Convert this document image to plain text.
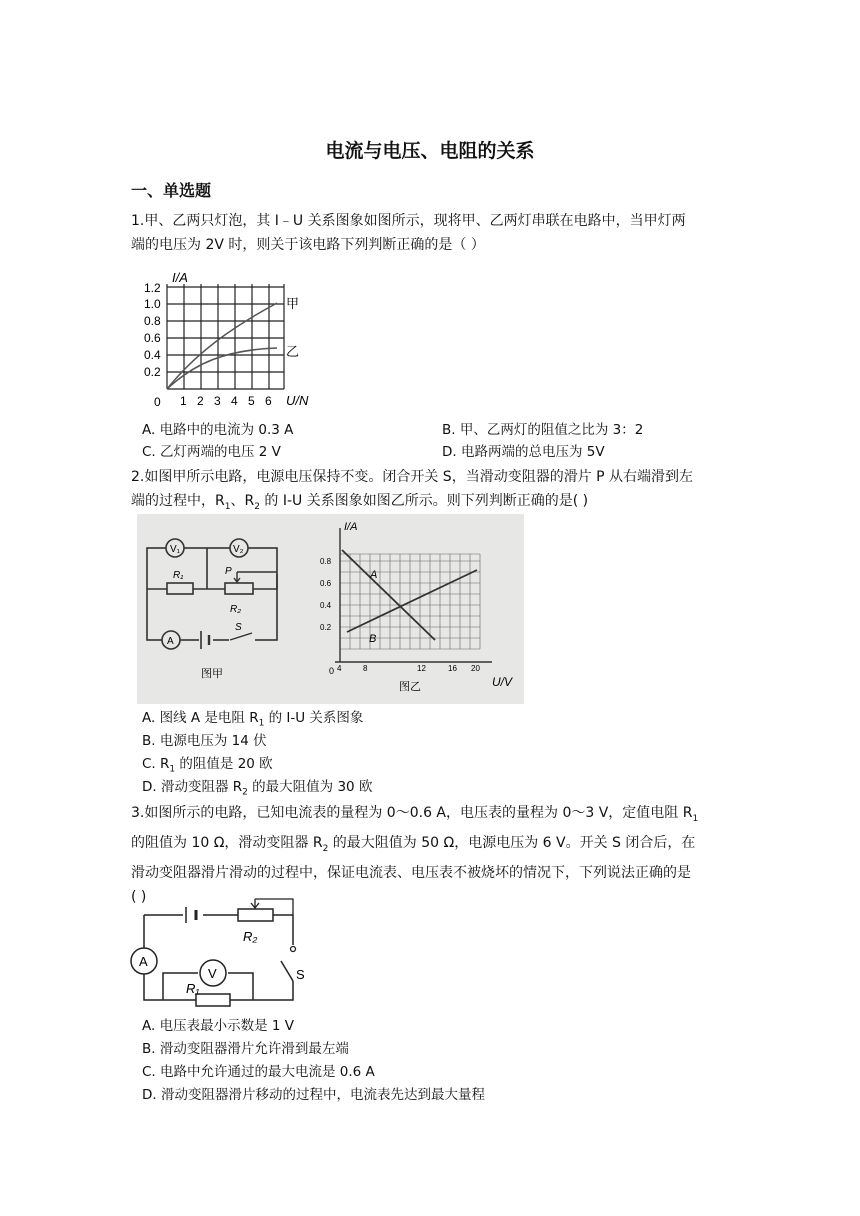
电流与电压、电阻的关系
一、单选题
1.甲、乙两只灯泡，其 I﹣U 关系图象如图所示，现将甲、乙两灯串联在电路中，当甲灯两
端的电压为 2V 时，则关于该电路下列判断正确的是（ ）
I/A
U/N
0
0.2
0.4
0.6
0.8
1.0
1.2
1 2 3 4 5 6
甲
乙
A. 电路中的电流为 0.3 A	B. 甲、乙两灯的阻值之比为 3：2
C. 乙灯两端的电压 2 V	D. 电路两端的总电压为 5V
2.如图甲所示电路，电源电压保持不变。闭合开关 S，当滑动变阻器的滑片 P 从右端滑到左
端的过程中，$R_1$、$R_2$ 的 I-U 关系图象如图乙所示。则下列判断正确的是( )
V₁	V₂
R₁	P
R₂
A
S
图甲
A
B
I/A
U/V
0
0.8
0.6
0.4
0.2
4	8	12	16 20
图乙
A. 图线 A 是电阻 $R_1$ 的 I-U 关系图象
B. 电源电压为 14 伏
C. $R_1$ 的阻值是 20 欧
D. 滑动变阻器 $R_2$ 的最大阻值为 30 欧
3.如图所示的电路，已知电流表的量程为 0～0.6 A，电压表的量程为 0～3 V，定值电阻 $R_1$
的阻值为 10 Ω，滑动变阻器 $R_2$ 的最大阻值为 50 Ω，电源电压为 6 V。开关 S 闭合后，在
滑动变阻器滑片滑动的过程中，保证电流表、电压表不被烧坏的情况下，下列说法正确的是
( )
R₂
A
V
R₁
S
A. 电压表最小示数是 1 V
B. 滑动变阻器滑片允许滑到最左端
C. 电路中允许通过的最大电流是 0.6 A
D. 滑动变阻器滑片移动的过程中，电流表先达到最大量程
